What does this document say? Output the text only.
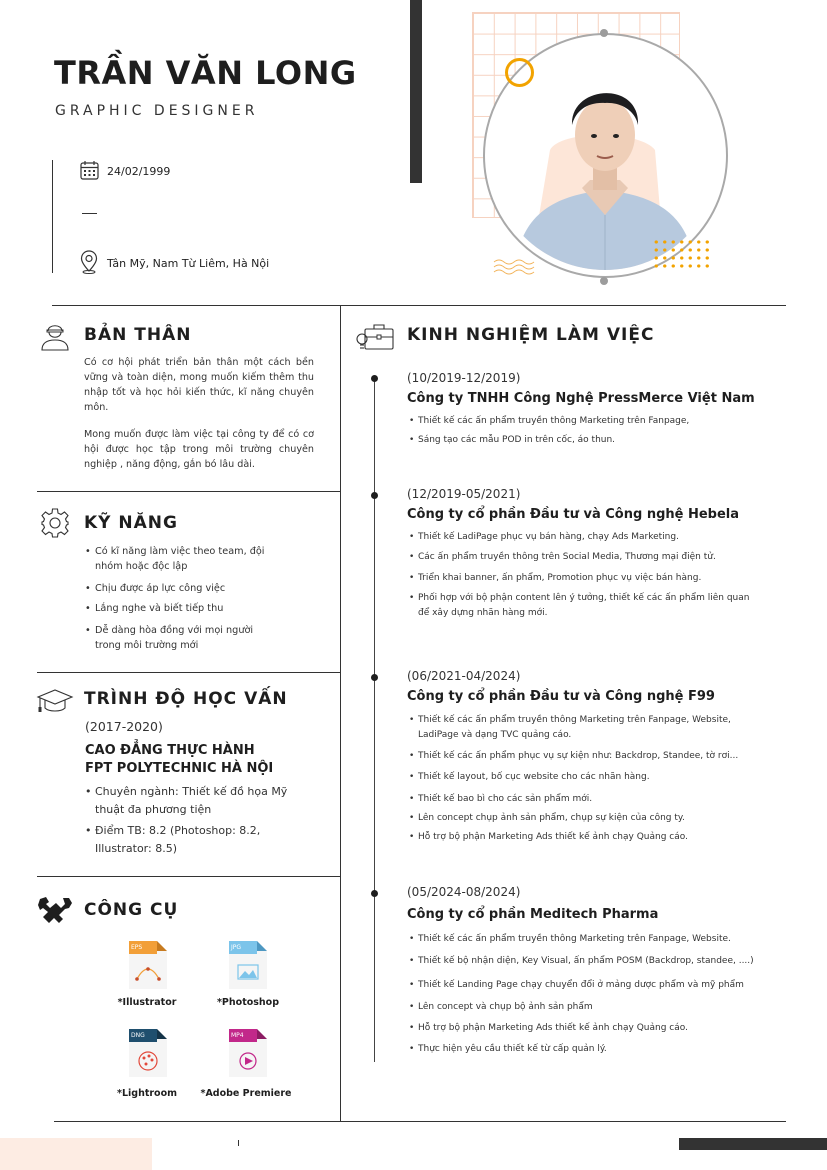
TRẦN VĂN LONG
GRAPHIC DESIGNER
24/02/1999
Tân Mỹ, Nam Từ Liêm, Hà Nội
BẢN THÂN
Có cơ hội phát triển bản thân một cách bền vững và toàn diện, mong muốn kiếm thêm thu nhập tốt và học hỏi kiến thức, kĩ năng chuyên môn.
Mong muốn được làm việc tại công ty để có cơ hội được học tập trong môi trường chuyên nghiệp , năng động, gắn bó lâu dài.
KỸ NĂNG
• Có kĩ năng làm việc theo team, đội nhóm hoặc độc lập
• Chịu được áp lực công việc
• Lắng nghe và biết tiếp thu
• Dễ dàng hòa đồng với mọi người trong môi trường mới
TRÌNH ĐỘ HỌC VẤN
(2017-2020)
CAO ĐẲNG THỰC HÀNH
FPT POLYTECHNIC HÀ NỘI
• Chuyên ngành: Thiết kế đồ họa Mỹ thuật đa phương tiện
• Điểm TB: 8.2 (Photoshop: 8.2, Illustrator: 8.5)
CÔNG CỤ
EPS	JPG
DNG	MP4
*Illustrator	*Photoshop
*Lightroom	*Adobe Premiere
KINH NGHIỆM LÀM VIỆC
(10/2019-12/2019)
Công ty TNHH Công Nghệ PressMerce Việt Nam
• Thiết kế các ấn phẩm truyền thông Marketing trên Fanpage,
• Sáng tạo các mẫu POD in trên cốc, áo thun.
(12/2019-05/2021)
Công ty cổ phần Đầu tư và Công nghệ Hebela
• Thiết kế LadiPage phục vụ bán hàng, chạy Ads Marketing.
• Các ấn phẩm truyền thông trên Social Media, Thương mại điện tử.
• Triển khai banner, ấn phẩm, Promotion phục vụ việc bán hàng.
• Phối hợp với bộ phận content lên ý tưởng, thiết kế các ấn phẩm liên quan để xây dựng nhãn hàng mới.
(06/2021-04/2024)
Công ty cổ phần Đầu tư và Công nghệ F99
• Thiết kế các ấn phẩm truyền thông Marketing trên Fanpage, Website, LadiPage và dạng TVC quảng cáo.
• Thiết kế các ấn phẩm phục vụ sự kiện như: Backdrop, Standee, tờ rơi...
• Thiết kế layout, bố cục website cho các nhãn hàng.
• Thiết kế bao bì cho các sản phẩm mới.
• Lên concept chụp ảnh sản phẩm, chụp sự kiện của công ty.
• Hỗ trợ bộ phận Marketing Ads thiết kế ảnh chạy Quảng cáo.
(05/2024-08/2024)
Công ty cổ phần Meditech Pharma
• Thiết kế các ấn phẩm truyền thông Marketing trên Fanpage, Website.
• Thiết kế bộ nhận diện, Key Visual, ấn phẩm POSM (Backdrop, standee, ....)
• Thiết kế Landing Page chạy chuyển đổi ở mảng dược phẩm và mỹ phẩm
• Lên concept và chụp bộ ảnh sản phẩm
• Hỗ trợ bộ phận Marketing Ads thiết kế ảnh chạy Quảng cáo.
• Thực hiện yêu cầu thiết kế từ cấp quản lý.
